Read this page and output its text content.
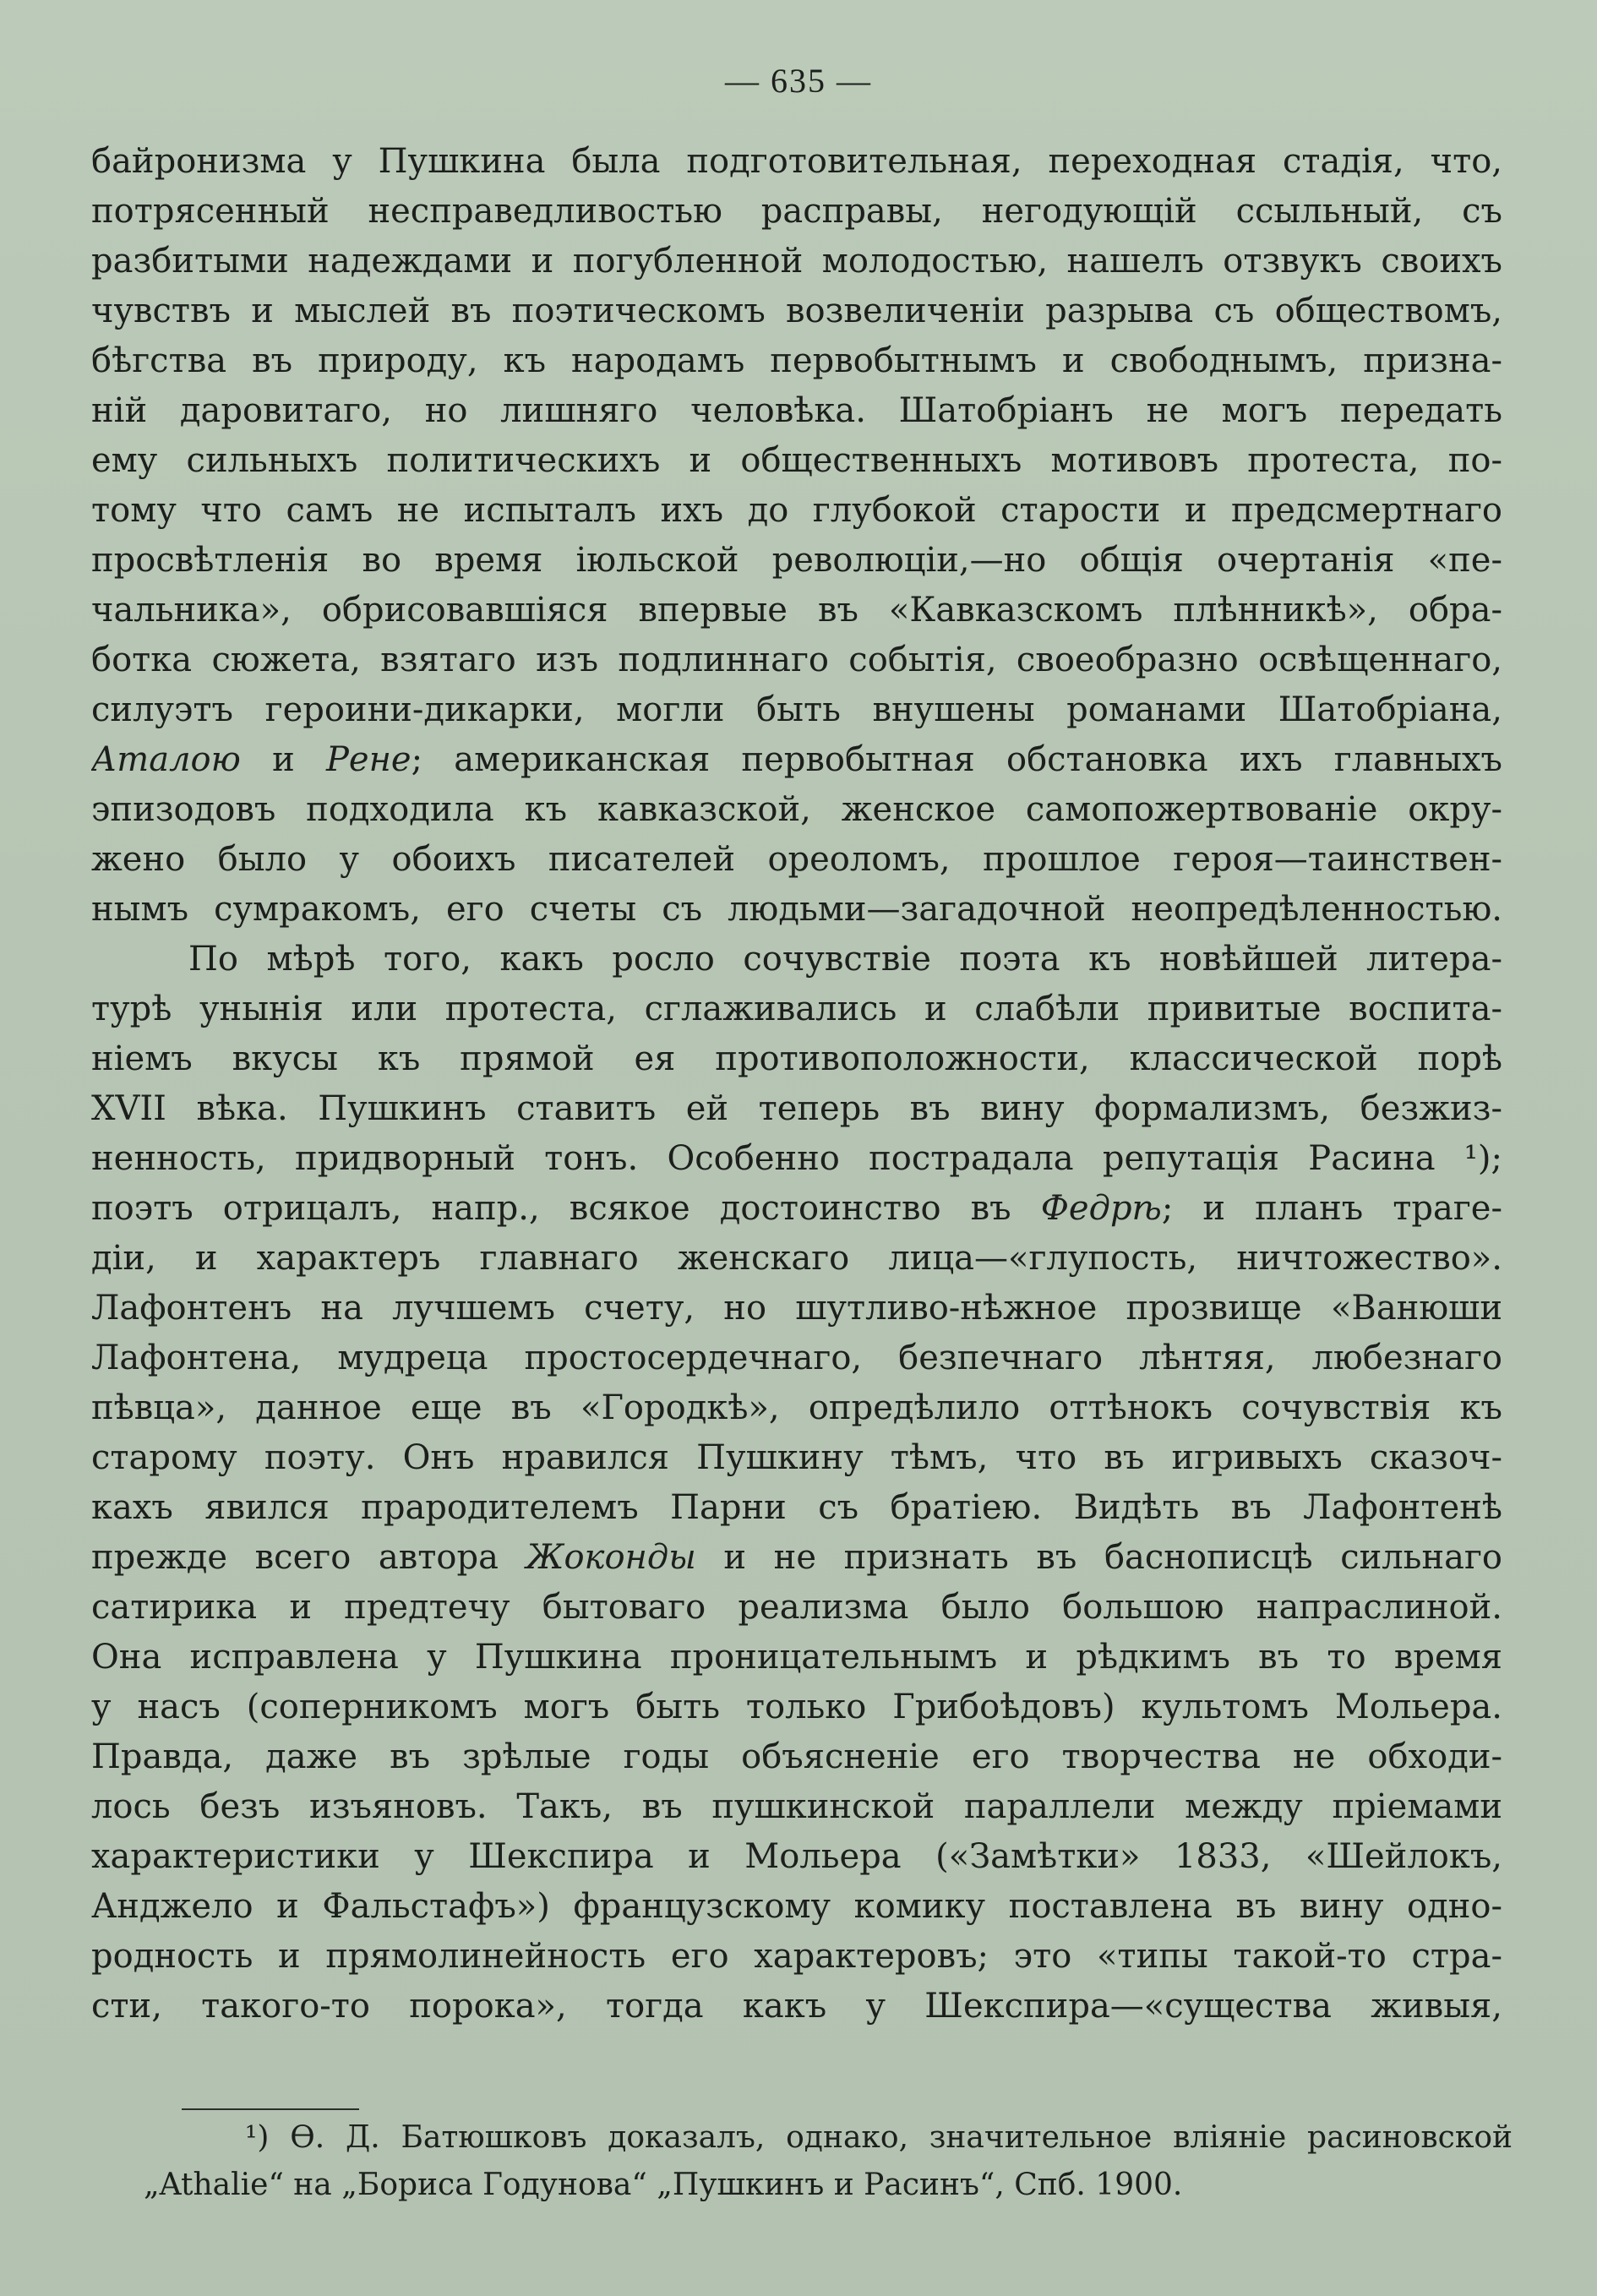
— 635 —
байронизма у Пушкина была подготовительная, переходная стадія, что,
потрясенный несправедливостью расправы, негодующій ссыльный, съ
разбитыми надеждами и погубленной молодостью, нашелъ отзвукъ своихъ
чувствъ и мыслей въ поэтическомъ возвеличеніи разрыва съ обществомъ,
бѣгства въ природу, къ народамъ первобытнымъ и свободнымъ, призна-
ній даровитаго, но лишняго человѣка. Шатобріанъ не могъ передать
ему сильныхъ политическихъ и общественныхъ мотивовъ протеста, по-
тому что самъ не испыталъ ихъ до глубокой старости и предсмертнаго
просвѣтленія во время іюльской революціи,—но общія очертанія «пе-
чальника», обрисовавшіяся впервые въ «Кавказскомъ плѣнникѣ», обра-
ботка сюжета, взятаго изъ подлиннаго событія, своеобразно освѣщеннаго,
силуэтъ героини-дикарки, могли быть внушены романами Шатобріана,
Аталою и Рене; американская первобытная обстановка ихъ главныхъ
эпизодовъ подходила къ кавказской, женское самопожертвованіе окру-
жено было у обоихъ писателей ореоломъ, прошлое героя—таинствен-
нымъ сумракомъ, его счеты съ людьми—загадочной неопредѣленностью.
По мѣрѣ того, какъ росло сочувствіе поэта къ новѣйшей литера-
турѣ унынія или протеста, сглаживались и слабѣли привитые воспита-
ніемъ вкусы къ прямой ея противоположности, классической порѣ
XVII вѣка. Пушкинъ ставитъ ей теперь въ вину формализмъ, безжиз-
ненность, придворный тонъ. Особенно пострадала репутація Расина ¹);
поэтъ отрицалъ, напр., всякое достоинство въ Федрѣ; и планъ траге-
діи, и характеръ главнаго женскаго лица—«глупость, ничтожество».
Лафонтенъ на лучшемъ счету, но шутливо-нѣжное прозвище «Ванюши
Лафонтена, мудреца простосердечнаго, безпечнаго лѣнтяя, любезнаго
пѣвца», данное еще въ «Городкѣ», опредѣлило оттѣнокъ сочувствія къ
старому поэту. Онъ нравился Пушкину тѣмъ, что въ игривыхъ сказоч-
кахъ явился прародителемъ Парни съ братіею. Видѣть въ Лафонтенѣ
прежде всего автора Жоконды и не признать въ баснописцѣ сильнаго
сатирика и предтечу бытоваго реализма было большою напраслиной.
Она исправлена у Пушкина проницательнымъ и рѣдкимъ въ то время
у насъ (соперникомъ могъ быть только Грибоѣдовъ) культомъ Мольера.
Правда, даже въ зрѣлые годы объясненіе его творчества не обходи-
лось безъ изъяновъ. Такъ, въ пушкинской параллели между пріемами
характеристики у Шекспира и Мольера («Замѣтки» 1833, «Шейлокъ,
Анджело и Фальстафъ») французскому комику поставлена въ вину одно-
родность и прямолинейность его характеровъ; это «типы такой-то стра-
сти, такого-то порока», тогда какъ у Шекспира—«существа живыя,
¹) Ѳ. Д. Батюшковъ доказалъ, однако, значительное вліяніе расиновской
„Athalie“ на „Бориса Годунова“ „Пушкинъ и Расинъ“, Спб. 1900.
